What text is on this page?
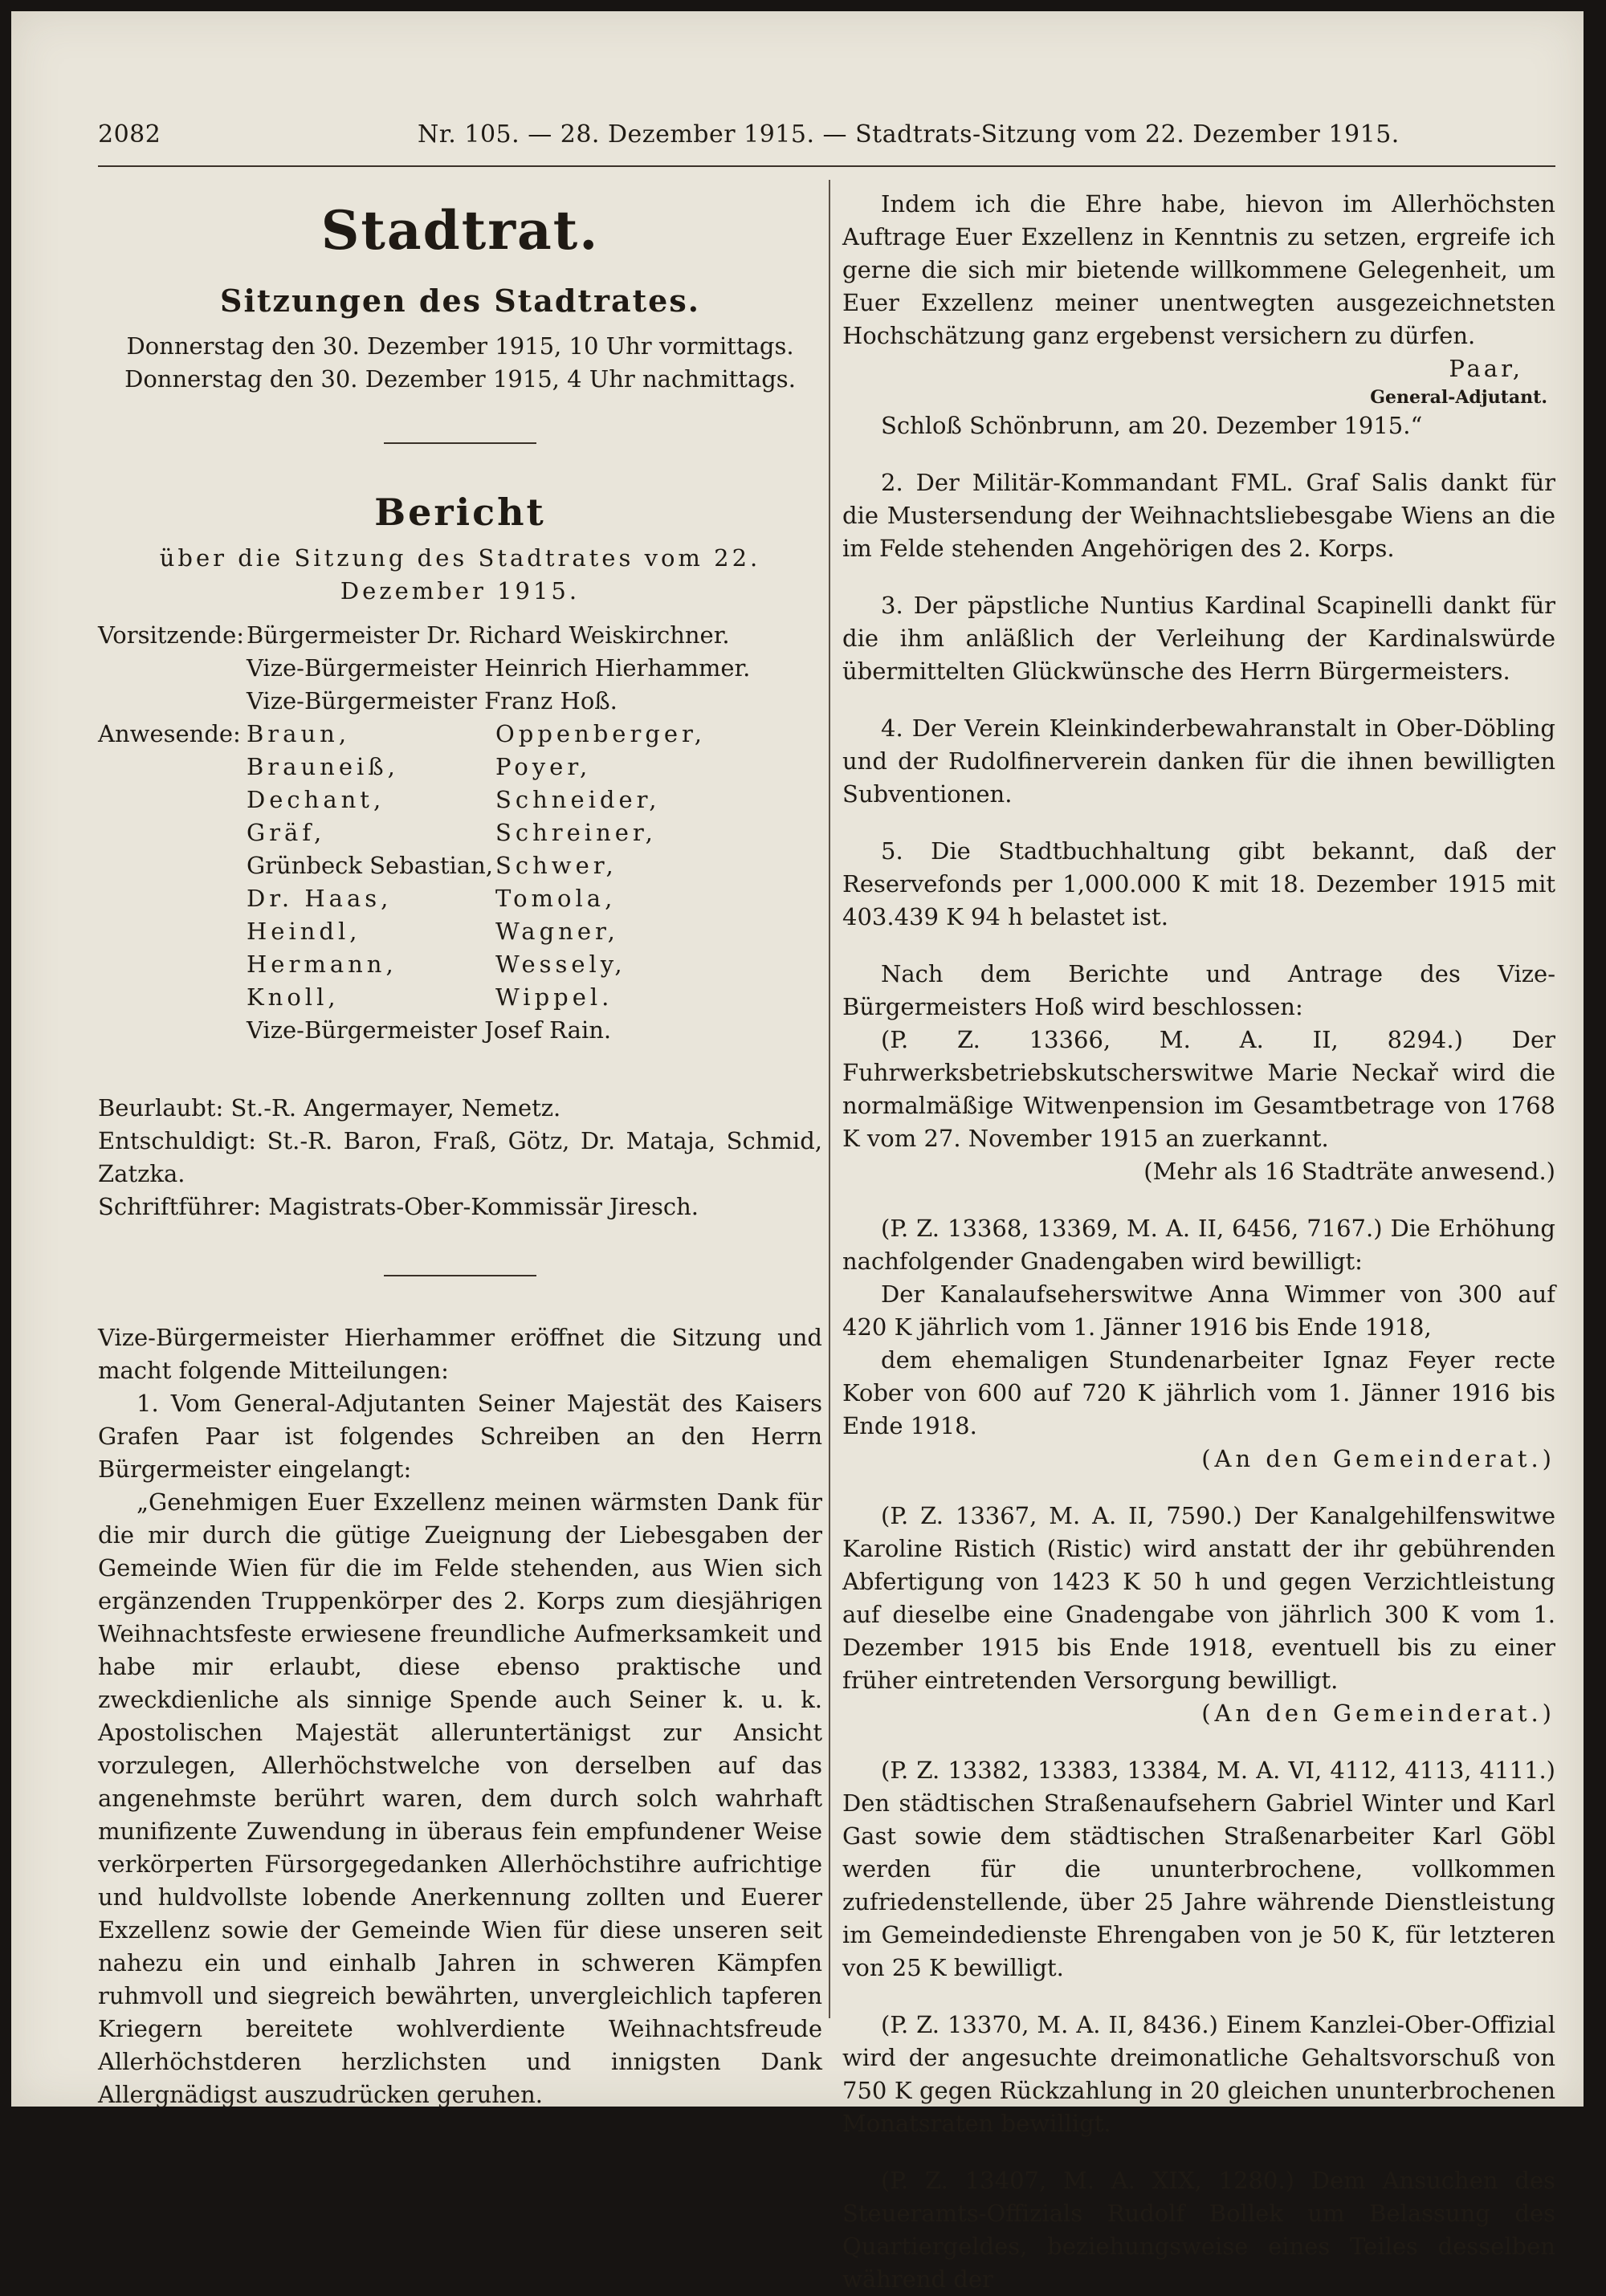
2082	Nr. 105. — 28. Dezember 1915. — Stadtrats-Sitzung vom 22. Dezember 1915.
Stadtrat.
Sitzungen des Stadtrates.

Donnerstag den 30. Dezember 1915, 10 Uhr vormittags.

Donnerstag den 30. Dezember 1915, 4 Uhr nachmittags.

Bericht

über die Sitzung des Stadtrates vom 22. Dezember 1915.

Vorsitzende:	Bürgermeister Dr. Richard Weiskirchner.
	Vize-Bürgermeister Heinrich Hierhammer.
	Vize-Bürgermeister Franz Hoß.
Anwesende:	Braun,	Oppenberger,
	Brauneiß,	Poyer,
	Dechant,	Schneider,
	Gräf,	Schreiner,
	Grünbeck Sebastian,	Schwer,
	Dr. Haas,	Tomola,
	Heindl,	Wagner,
	Hermann,	Wessely,
	Knoll,	Wippel.
	Vize-Bürgermeister Josef Rain.	

Beurlaubt: St.-R. Angermayer, Nemetz.

Entschuldigt: St.-R. Baron, Fraß, Götz, Dr. Mataja, Schmid, Zatzka.

Schriftführer: Magistrats-Ober-Kommissär Jiresch.

Vize-Bürgermeister Hierhammer eröffnet die Sitzung und macht folgende Mitteilungen:

1. Vom General-Adjutanten Seiner Majestät des Kaisers Grafen Paar ist folgendes Schreiben an den Herrn Bürgermeister eingelangt:

„Genehmigen Euer Exzellenz meinen wärmsten Dank für die mir durch die gütige Zueignung der Liebesgaben der Gemeinde Wien für die im Felde stehenden, aus Wien sich ergänzenden Truppenkörper des 2. Korps zum diesjährigen Weihnachtsfeste erwiesene freundliche Aufmerksamkeit und habe mir erlaubt, diese ebenso praktische und zweckdienliche als sinnige Spende auch Seiner k. u. k. Apostolischen Majestät alleruntertänigst zur Ansicht vorzulegen, Allerhöchstwelche von derselben auf das angenehmste berührt waren, dem durch solch wahrhaft munifizente Zuwendung in überaus fein empfundener Weise verkörperten Fürsorgegedanken Allerhöchstihre aufrichtige und huldvollste lobende Anerkennung zollten und Euerer Exzellenz sowie der Gemeinde Wien für diese unseren seit nahezu ein und einhalb Jahren in schweren Kämpfen ruhmvoll und siegreich bewährten, unvergleichlich tapferen Kriegern bereitete wohlverdiente Weihnachtsfreude Allerhöchstderen herzlichsten und innigsten Dank Allergnädigst auszudrücken geruhen.

Indem ich die Ehre habe, hievon im Allerhöchsten Auftrage Euer Exzellenz in Kenntnis zu setzen, ergreife ich gerne die sich mir bietende willkommene Gelegenheit, um Euer Exzellenz meiner unentwegten ausgezeichnetsten Hochschätzung ganz ergebenst versichern zu dürfen.

Paar,
General-Adjutant.

Schloß Schönbrunn, am 20. Dezember 1915.“

2. Der Militär-Kommandant FML. Graf Salis dankt für die Mustersendung der Weihnachtsliebesgabe Wiens an die im Felde stehenden Angehörigen des 2. Korps.

3. Der päpstliche Nuntius Kardinal Scapinelli dankt für die ihm anläßlich der Verleihung der Kardinalswürde übermittelten Glückwünsche des Herrn Bürgermeisters.

4. Der Verein Kleinkinderbewahranstalt in Ober-Döbling und der Rudolfinerverein danken für die ihnen bewilligten Subventionen.

5. Die Stadtbuchhaltung gibt bekannt, daß der Reservefonds per 1,000.000 K mit 18. Dezember 1915 mit 403.439 K 94 h belastet ist.

Nach dem Berichte und Antrage des Vize-Bürgermeisters Hoß wird beschlossen:

(P. Z. 13366, M. A. II, 8294.) Der Fuhrwerksbetriebskutscherswitwe Marie Neckař wird die normalmäßige Witwenpension im Gesamtbetrage von 1768 K vom 27. November 1915 an zuerkannt.

(Mehr als 16 Stadträte anwesend.)

(P. Z. 13368, 13369, M. A. II, 6456, 7167.) Die Erhöhung nachfolgender Gnadengaben wird bewilligt:

Der Kanalaufseherswitwe Anna Wimmer von 300 auf 420 K jährlich vom 1. Jänner 1916 bis Ende 1918,

dem ehemaligen Stundenarbeiter Ignaz Feyer recte Kober von 600 auf 720 K jährlich vom 1. Jänner 1916 bis Ende 1918.

(An den Gemeinderat.)

(P. Z. 13367, M. A. II, 7590.) Der Kanalgehilfenswitwe Karoline Ristich (Ristic) wird anstatt der ihr gebührenden Abfertigung von 1423 K 50 h und gegen Verzichtleistung auf dieselbe eine Gnadengabe von jährlich 300 K vom 1. Dezember 1915 bis Ende 1918, eventuell bis zu einer früher eintretenden Versorgung bewilligt.

(An den Gemeinderat.)

(P. Z. 13382, 13383, 13384, M. A. VI, 4112, 4113, 4111.) Den städtischen Straßenaufsehern Gabriel Winter und Karl Gast sowie dem städtischen Straßenarbeiter Karl Göbl werden für die ununterbrochene, vollkommen zufriedenstellende, über 25 Jahre währende Dienstleistung im Gemeindedienste Ehrengaben von je 50 K, für letzteren von 25 K bewilligt.

(P. Z. 13370, M. A. II, 8436.) Einem Kanzlei-Ober-Offizial wird der angesuchte dreimonatliche Gehaltsvorschuß von 750 K gegen Rückzahlung in 20 gleichen ununterbrochenen Monatsraten bewilligt.

(P. Z. 13407, M. A. XIX, 1280.) Dem Ansuchen des Steueramts-Offizials Rudolf Bollek um Belassung des Quartiergeldes, beziehungsweise eines Teiles desselben während der
